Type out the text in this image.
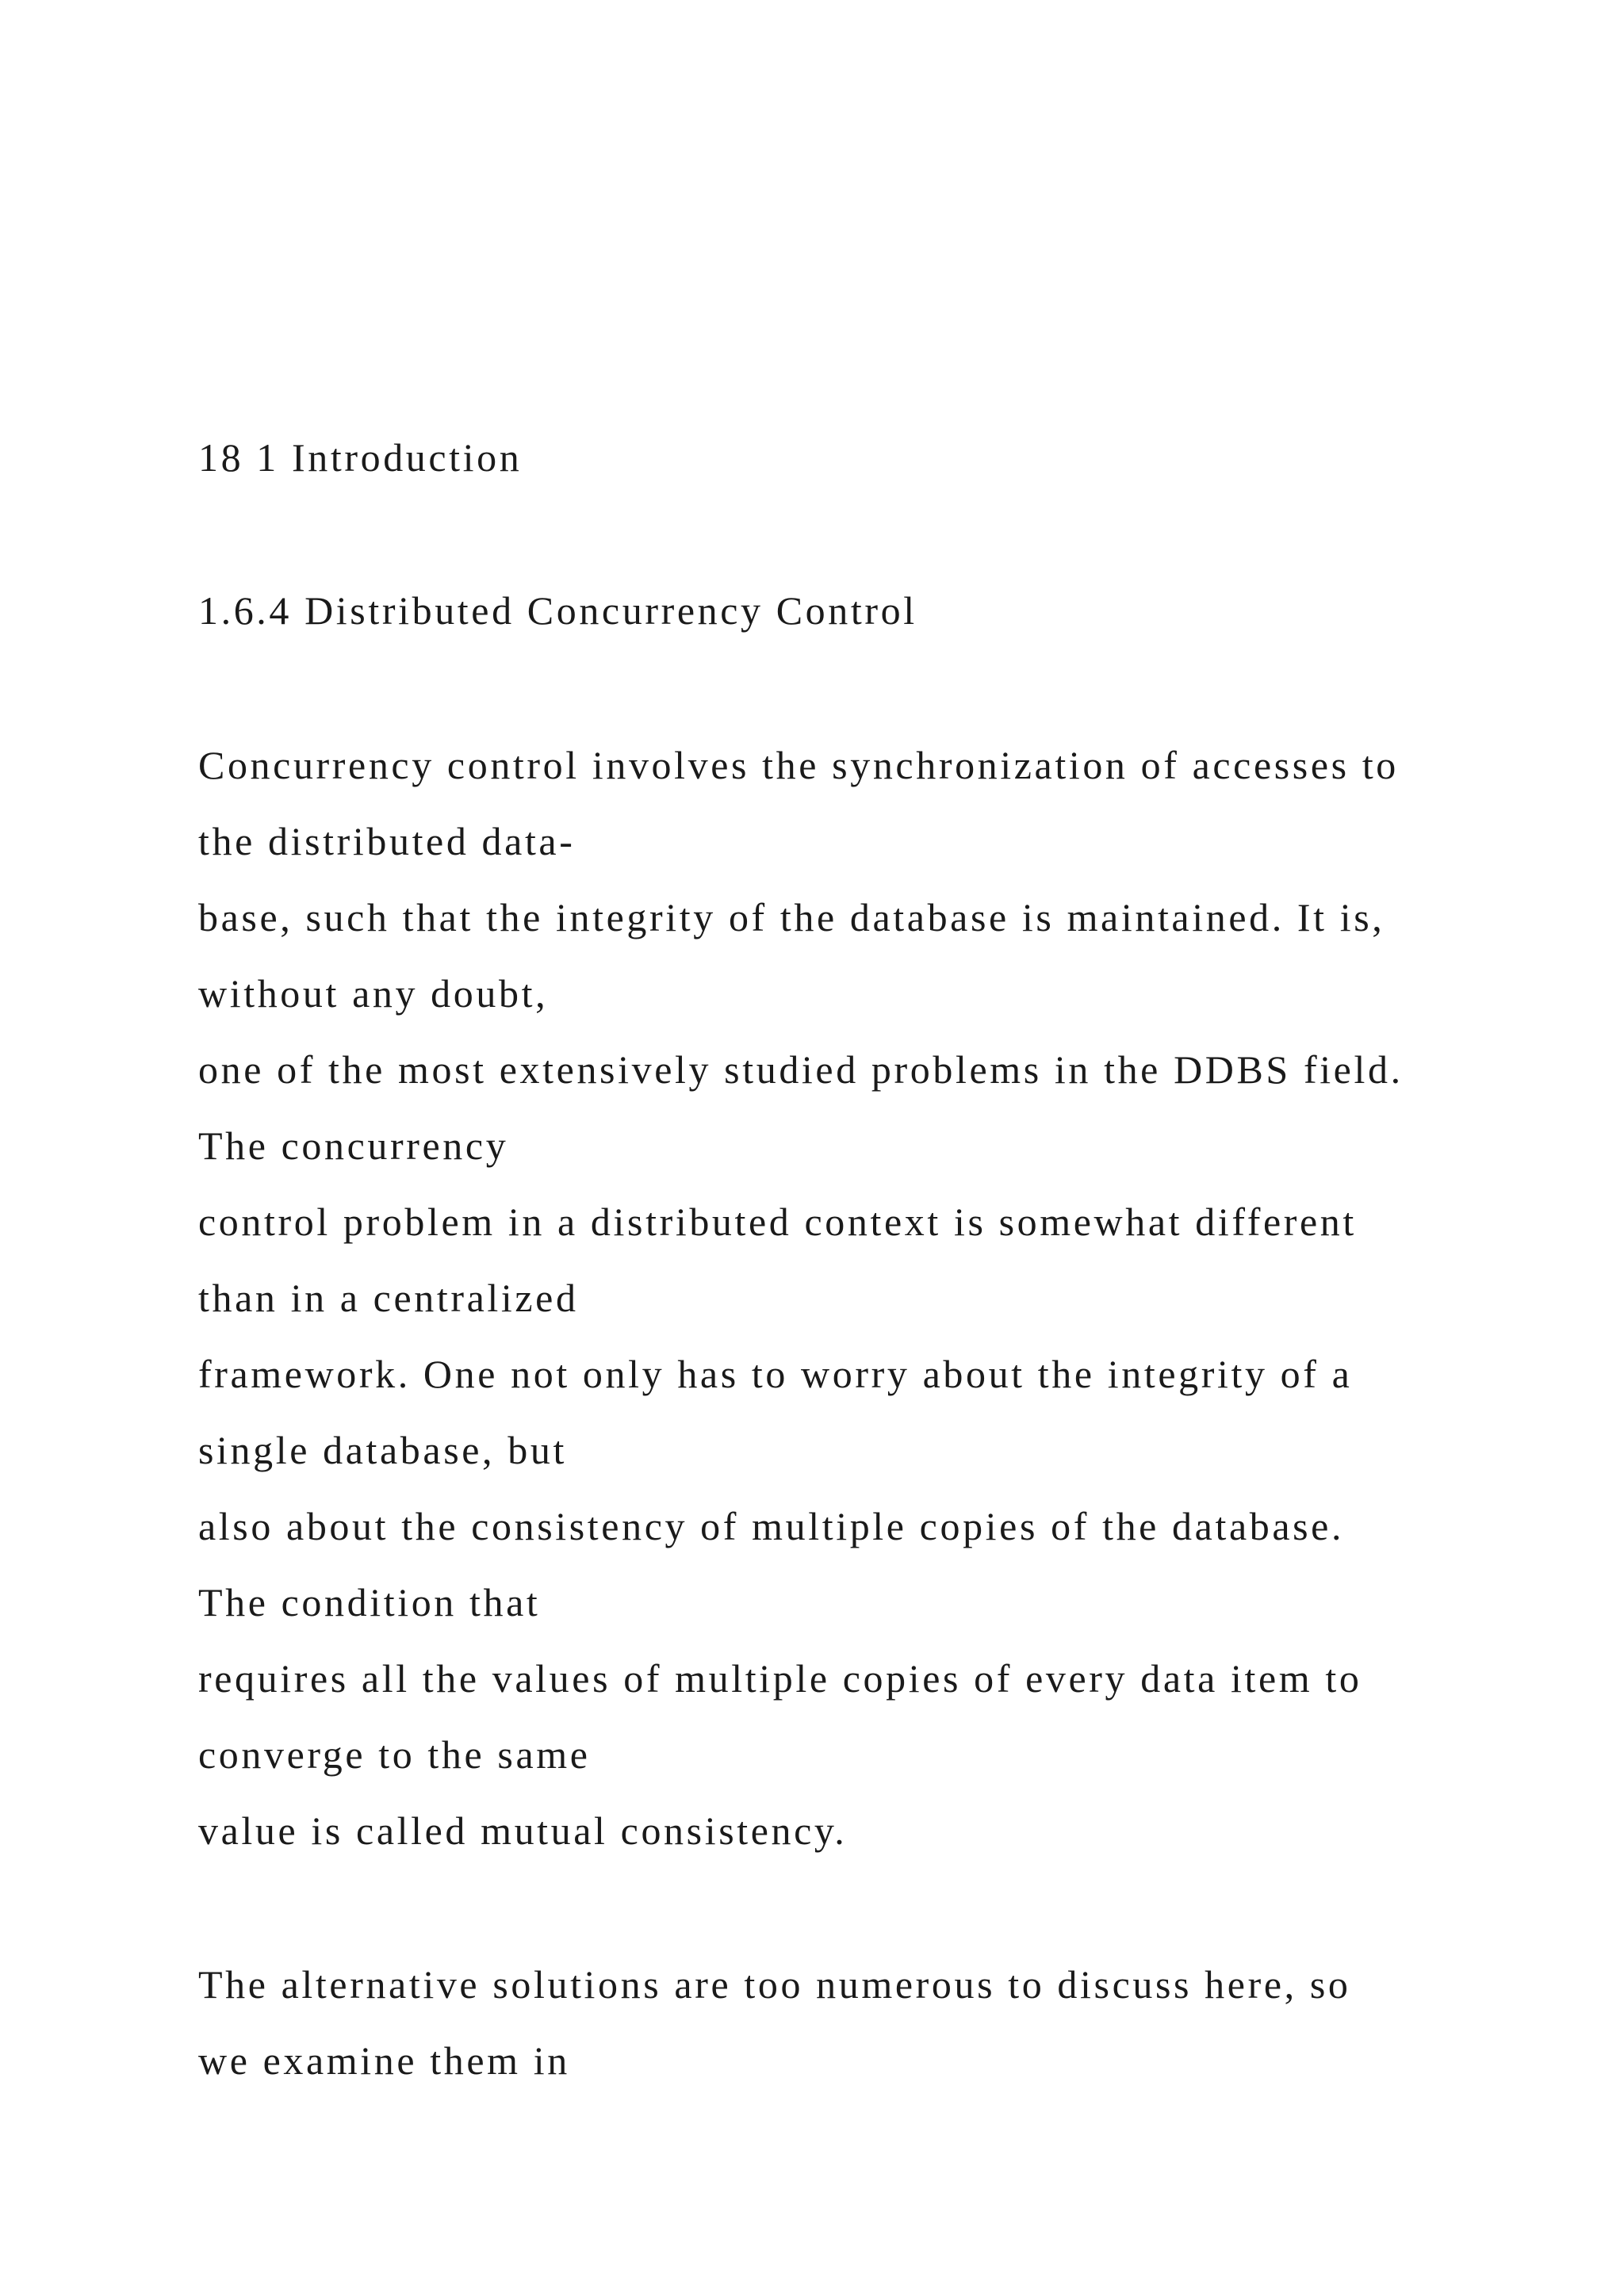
18 1 Introduction

1.6.4 Distributed Concurrency Control

Concurrency control involves the synchronization of accesses to

the distributed data-

base, such that the integrity of the database is maintained. It is,

without any doubt,

one of the most extensively studied problems in the DDBS field.

The concurrency

control problem in a distributed context is somewhat different

than in a centralized

framework. One not only has to worry about the integrity of a

single database, but

also about the consistency of multiple copies of the database.

The condition that

requires all the values of multiple copies of every data item to

converge to the same

value is called mutual consistency.

The alternative solutions are too numerous to discuss here, so

we examine them in
